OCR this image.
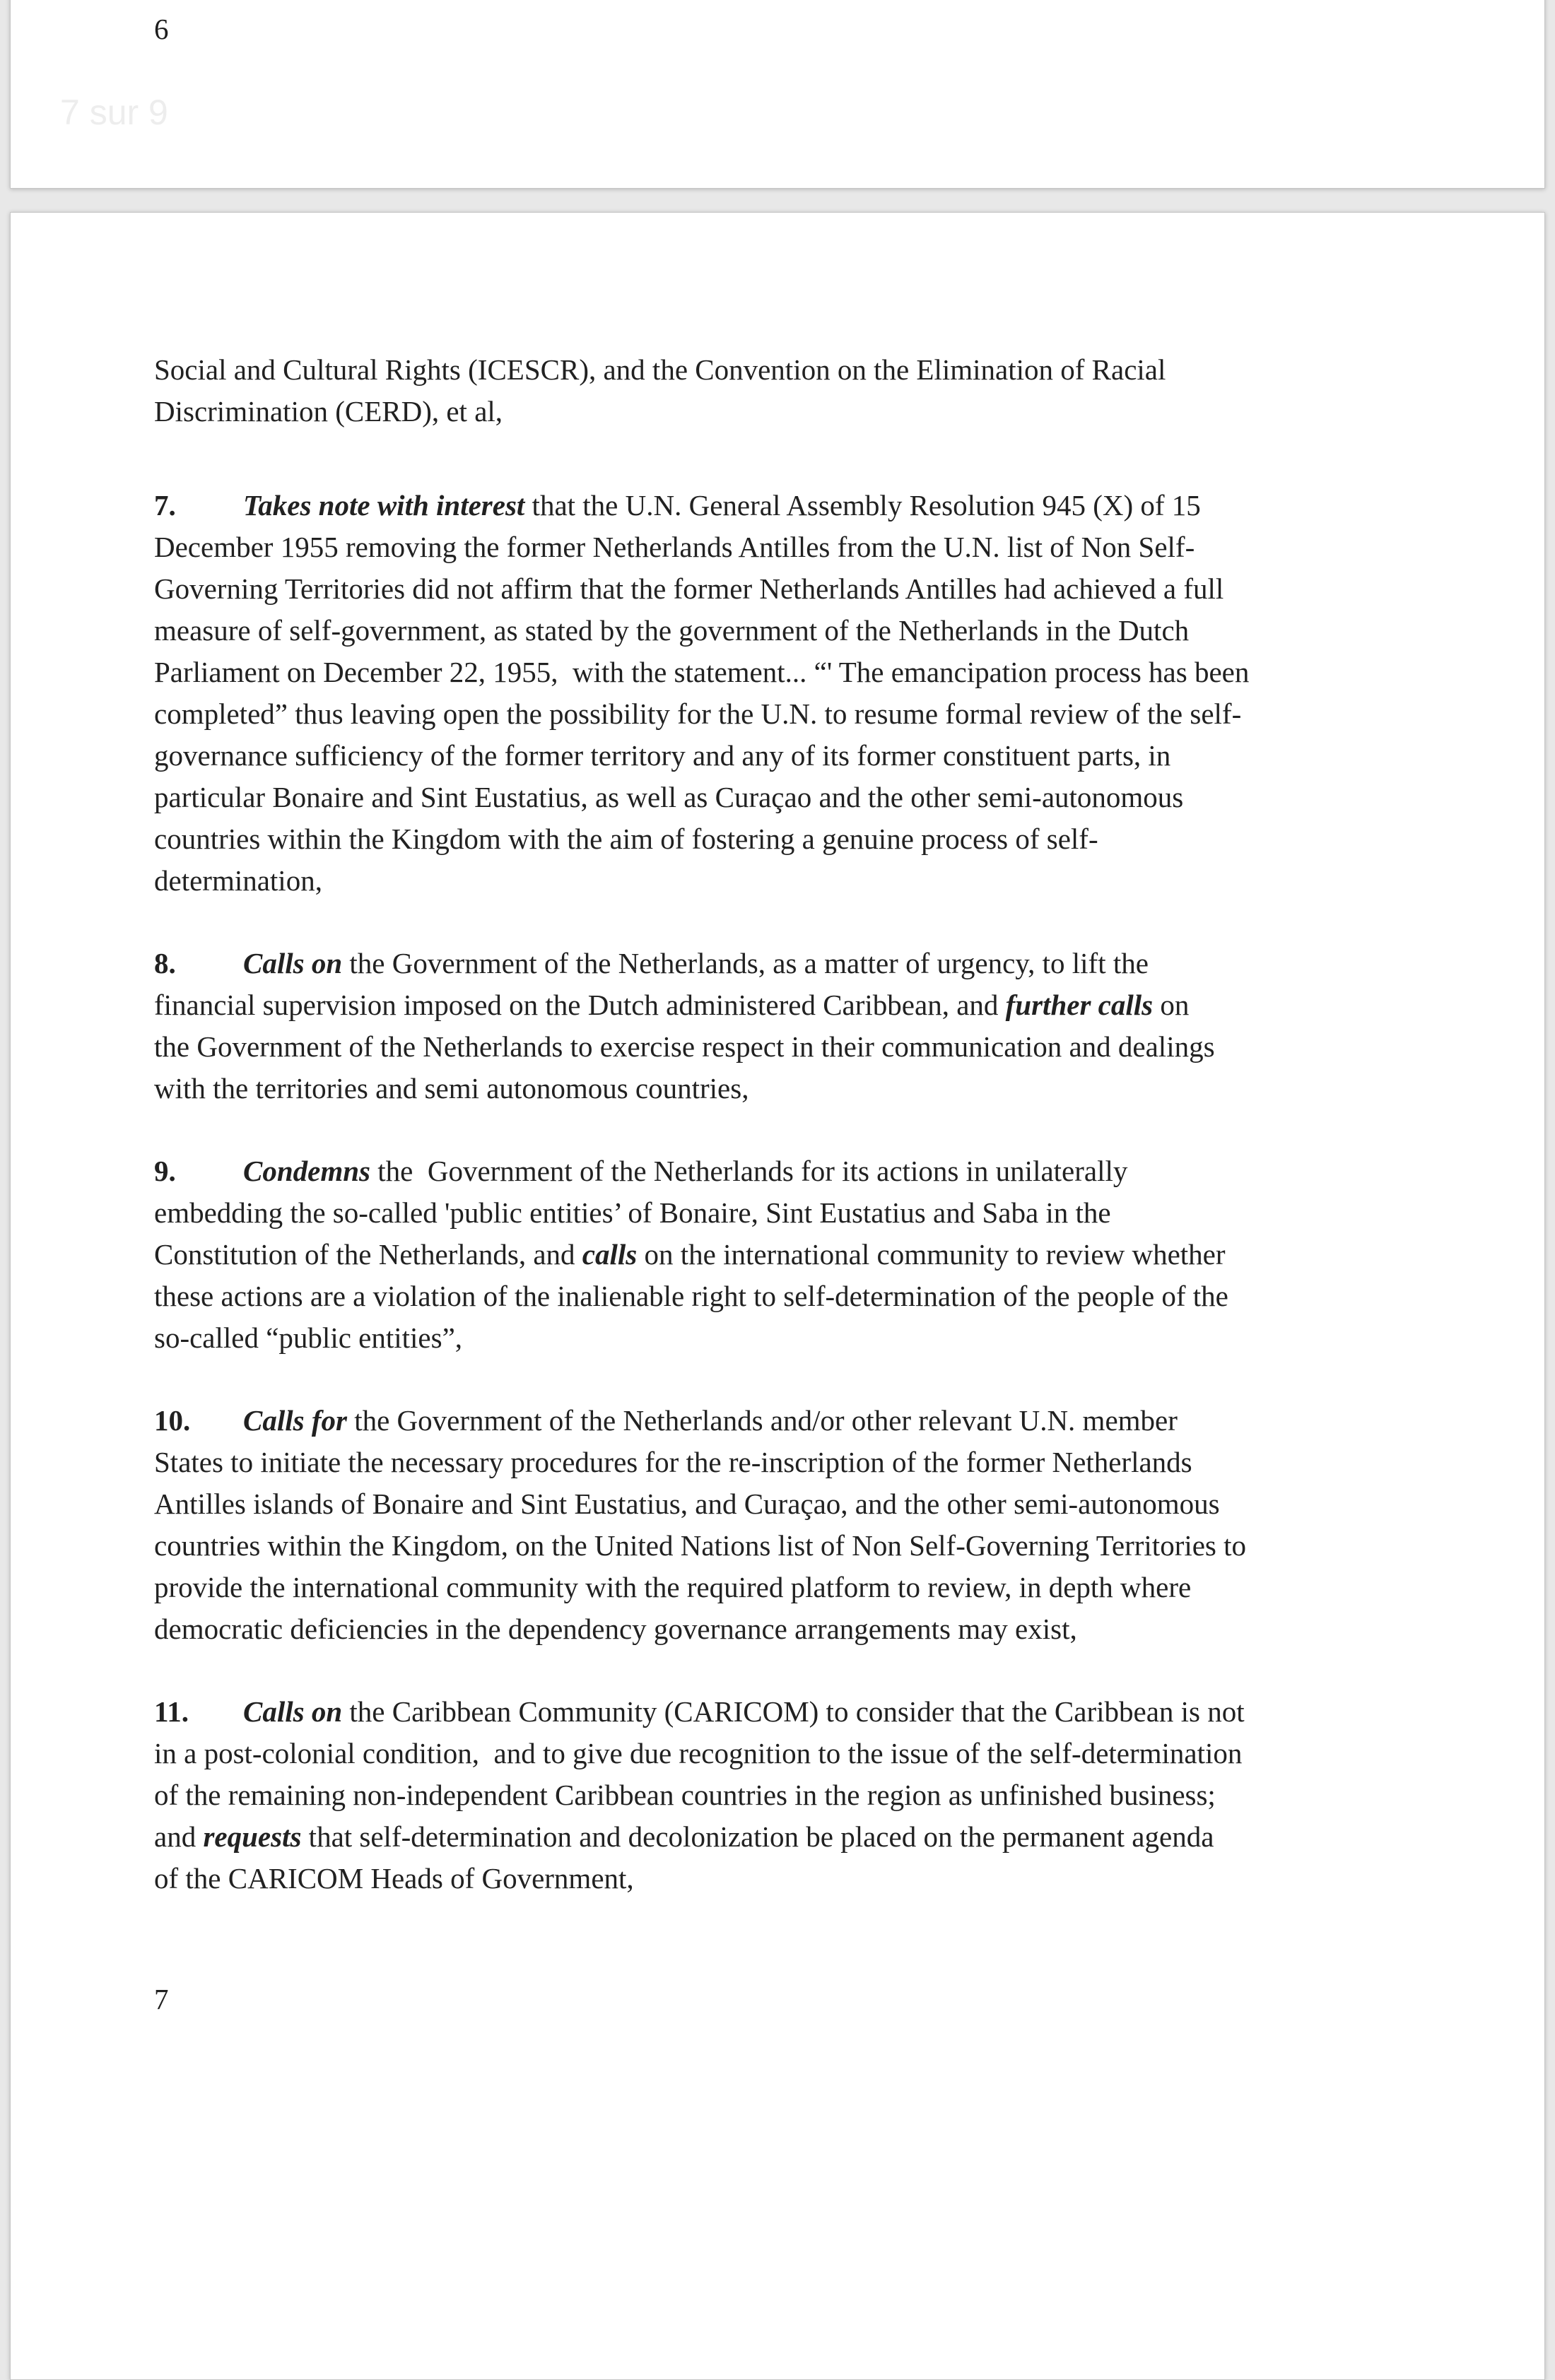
6
Social and Cultural Rights (ICESCR), and the Convention on the Elimination of Racial
Discrimination (CERD), et al,
7. Takes note with interest that the U.N. General Assembly Resolution 945 (X) of 15
December 1955 removing the former Netherlands Antilles from the U.N. list of Non Self-
Governing Territories did not affirm that the former Netherlands Antilles had achieved a full
measure of self-government, as stated by the government of the Netherlands in the Dutch
Parliament on December 22, 1955,  with the statement... “' The emancipation process has been
completed” thus leaving open the possibility for the U.N. to resume formal review of the self-
governance sufficiency of the former territory and any of its former constituent parts, in
particular Bonaire and Sint Eustatius, as well as Curaçao and the other semi-autonomous
countries within the Kingdom with the aim of fostering a genuine process of self-
determination,
8. Calls on the Government of the Netherlands, as a matter of urgency, to lift the
financial supervision imposed on the Dutch administered Caribbean, and further calls on
the Government of the Netherlands to exercise respect in their communication and dealings
with the territories and semi autonomous countries,
9. Condemns the  Government of the Netherlands for its actions in unilaterally
embedding the so-called 'public entities’ of Bonaire, Sint Eustatius and Saba in the
Constitution of the Netherlands, and calls on the international community to review whether
these actions are a violation of the inalienable right to self-determination of the people of the
so-called “public entities”,
10. Calls for the Government of the Netherlands and/or other relevant U.N. member
States to initiate the necessary procedures for the re-inscription of the former Netherlands
Antilles islands of Bonaire and Sint Eustatius, and Curaçao, and the other semi-autonomous
countries within the Kingdom, on the United Nations list of Non Self-Governing Territories to
provide the international community with the required platform to review, in depth where
democratic deficiencies in the dependency governance arrangements may exist,
11. Calls on the Caribbean Community (CARICOM) to consider that the Caribbean is not
in a post-colonial condition,  and to give due recognition to the issue of the self-determination
of the remaining non-independent Caribbean countries in the region as unfinished business;
and requests that self-determination and decolonization be placed on the permanent agenda
of the CARICOM Heads of Government,
7
7 sur 9
